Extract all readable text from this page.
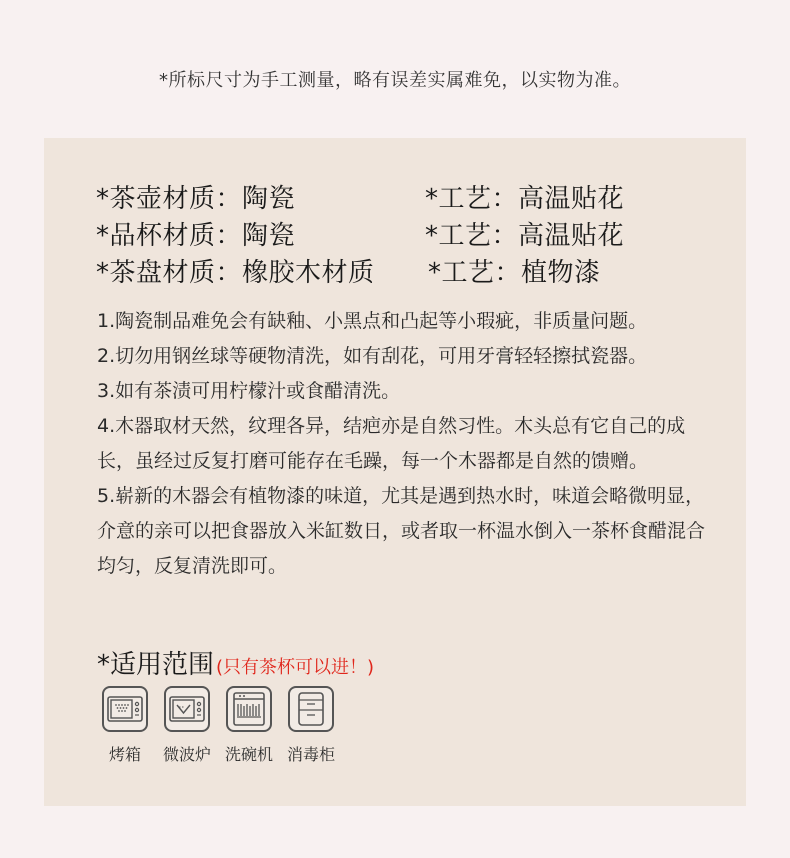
*所标尺寸为手工测量，略有误差实属难免，以实物为准。
*茶壶材质：陶瓷	*工艺：高温贴花
*品杯材质：陶瓷	*工艺：高温贴花
*茶盘材质：橡胶木材质 *工艺：植物漆

1.陶瓷制品难免会有缺釉、小黑点和凸起等小瑕疵，非质量问题。

2.切勿用钢丝球等硬物清洗，如有刮花，可用牙膏轻轻擦拭瓷器。

3.如有茶渍可用柠檬汁或食醋清洗。

4.木器取材天然，纹理各异，结疤亦是自然习性。木头总有它自己的成长，虽经过反复打磨可能存在毛躁，每一个木器都是自然的馈赠。

5.崭新的木器会有植物漆的味道，尤其是遇到热水时，味道会略微明显，介意的亲可以把食器放入米缸数日，或者取一杯温水倒入一茶杯食醋混合均匀，反复清洗即可。

*适用范围 (只有茶杯可以进！)
烤箱	微波炉 洗碗机 消毒柜
